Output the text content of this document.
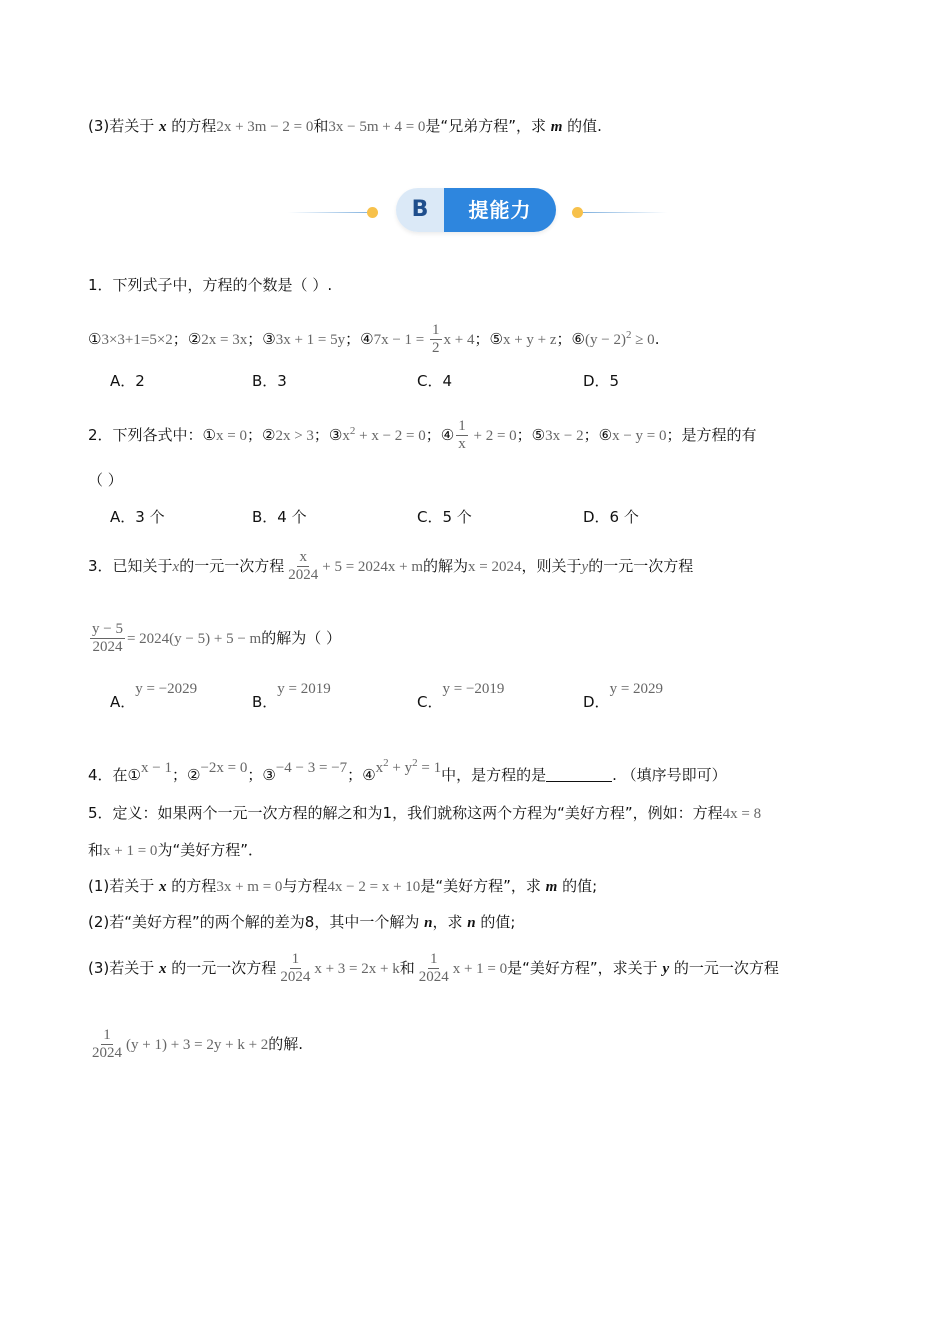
(3)若关于 x 的方程2x + 3m − 2 = 0和3x − 5m + 4 = 0是“兄弟方程”，求 m 的值.
B	提能力
1．下列式子中，方程的个数是（ ）.
①3×3+1=5×2；②2x = 3x；③3x + 1 = 5y；④7x − $1 = \frac{1}{2}$ x + 4；⑤x + y + z；⑥(y − 2)$^2$ ≥ 0.
A．2	B．3	C．4	D．5
2．下列各式中：①x = 0；②2x > 3；$③x^2 + x - 2 = 0$；④ $\frac{1}{x} + 2 = 0$；⑤3x − 2；⑥x − y = 0；是方程的有
（ ）
A．3 个	B．4 个	C．5 个	D．6 个
3．已知关于x的一元一次方程 $\frac{x}{2024} + 5 = 2024x + m$的解为x = 2024，则关于y的一元一次方程
$\frac{y - 5}{2024} = 2024(y - 5) + 5 - m$的解为（ ）
A．y = −2029
B．y = 2019
C．y = −2019
D．y = 2029
4．在①x − 1；②−2x = 0；③−4 − 3 = −7；$④x^2 + y^2 = 1$中，是方程的是	. （填序号即可）
5．定义：如果两个一元一次方程的解之和为1，我们就称这两个方程为“美好方程”，例如：方程4x = 8
和x + 1 = 0为“美好方程”．
(1)若关于 x 的方程3x + m = 0与方程4x − 2 = x + 10是“美好方程”，求 m 的值;
(2)若“美好方程”的两个解的差为8，其中一个解为 n，求 n 的值;
(3)若关于 x 的一元一次方程 $\frac{1}{2024}$ x + 3 = 2x + k和 $\frac{1}{2024}$ x + 1 = 0是“美好方程”，求关于 y 的一元一次方程
$\frac{1}{2024} (y + 1) + 3 = 2y + k + 2$的解.
